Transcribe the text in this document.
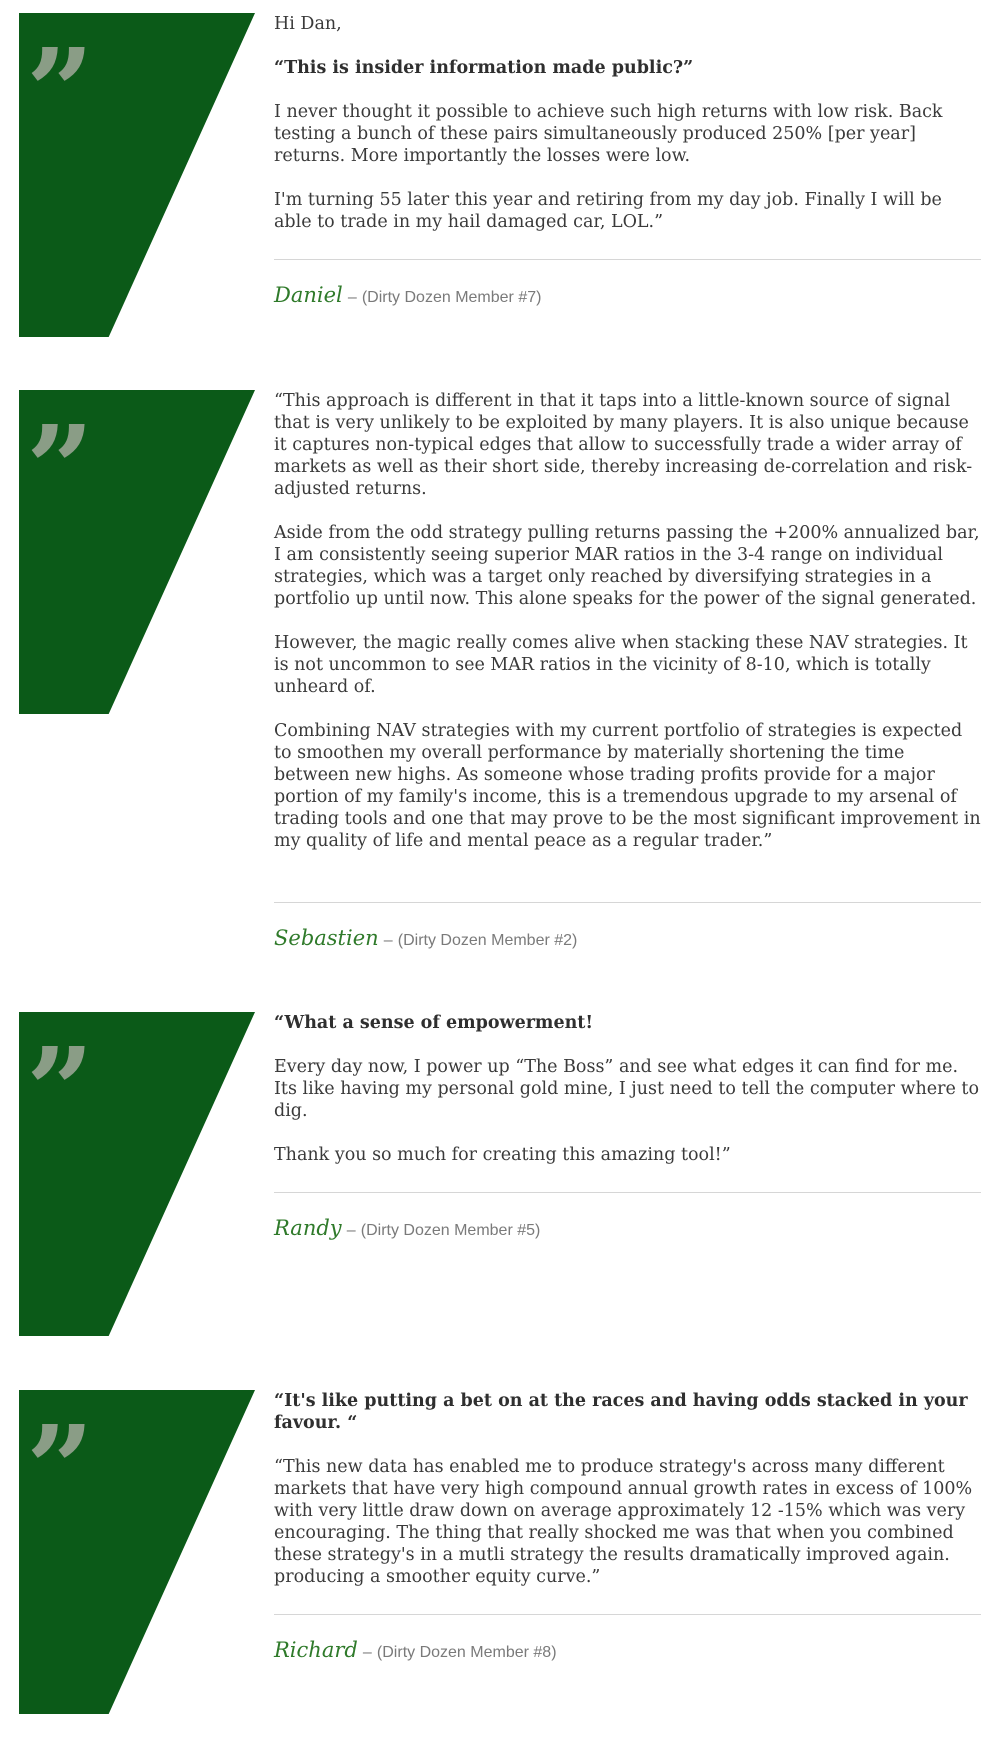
”	Hi Dan,

“This is insider information made public?”

I never thought it possible to achieve such high returns with low risk. Back testing a bunch of these pairs simultaneously produced 250% [per year] returns. More importantly the losses were low.

I'm turning 55 later this year and retiring from my day job. Finally I will be able to trade in my hail damaged car, LOL.”

Daniel – (Dirty Dozen Member #7)
”	“This approach is different in that it taps into a little-known source of signal that is very unlikely to be exploited by many players. It is also unique because it captures non-typical edges that allow to successfully trade a wider array of markets as well as their short side, thereby increasing de-correlation and risk-adjusted returns.

Aside from the odd strategy pulling returns passing the +200% annualized bar, I am consistently seeing superior MAR ratios in the 3-4 range on individual strategies, which was a target only reached by diversifying strategies in a portfolio up until now. This alone speaks for the power of the signal generated.

However, the magic really comes alive when stacking these NAV strategies. It is not uncommon to see MAR ratios in the vicinity of 8-10, which is totally unheard of.

Combining NAV strategies with my current portfolio of strategies is expected to smoothen my overall performance by materially shortening the time between new highs. As someone whose trading profits provide for a major portion of my family's income, this is a tremendous upgrade to my arsenal of trading tools and one that may prove to be the most significant improvement in my quality of life and mental peace as a regular trader.”

Sebastien – (Dirty Dozen Member #2)
”	“What a sense of empowerment!

Every day now, I power up “The Boss” and see what edges it can find for me. Its like having my personal gold mine, I just need to tell the computer where to dig.

Thank you so much for creating this amazing tool!”

Randy – (Dirty Dozen Member #5)
”	“It's like putting a bet on at the races and having odds stacked in your favour. “

“This new data has enabled me to produce strategy's across many different markets that have very high compound annual growth rates in excess of 100% with very little draw down on average approximately 12 -15% which was very encouraging. The thing that really shocked me was that when you combined these strategy's in a mutli strategy the results dramatically improved again. producing a smoother equity curve.”

Richard – (Dirty Dozen Member #8)
